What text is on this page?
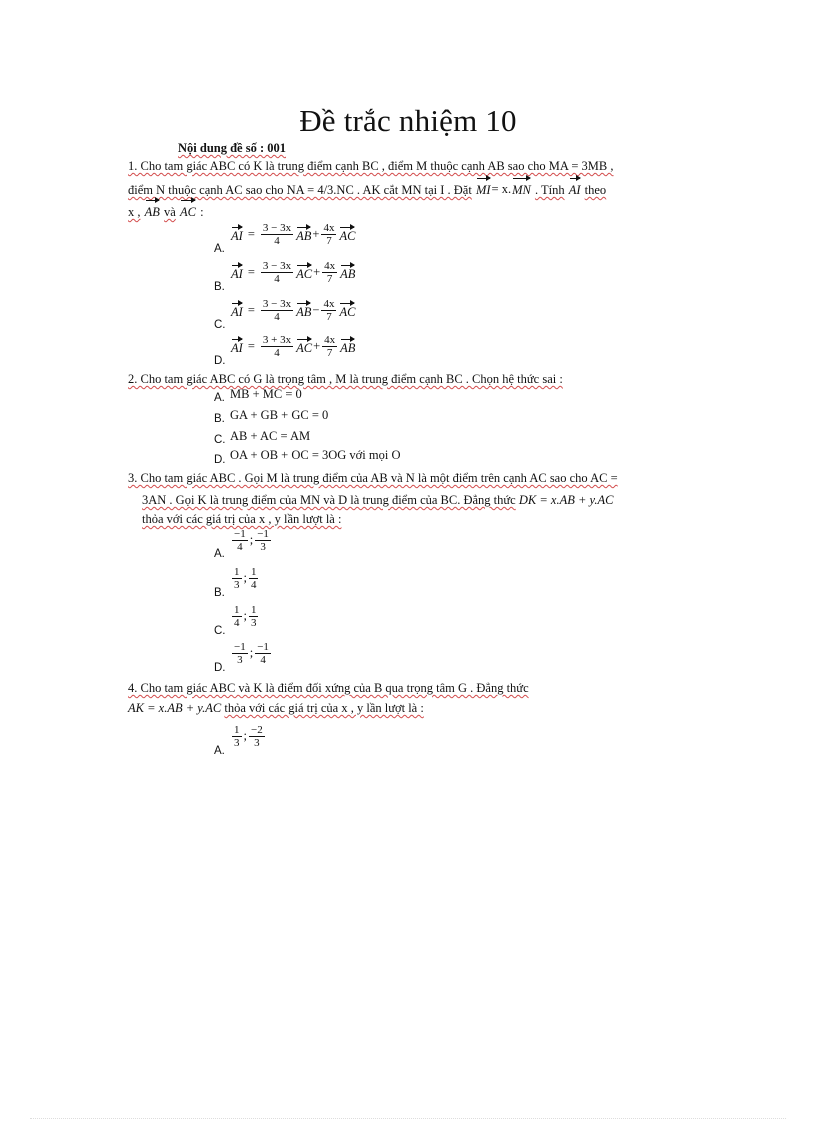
Đề trắc nhiệm 10
Nội dung đề số : 001
1. Cho tam giác ABC có K là trung điểm cạnh BC , điểm M thuộc cạnh AB sao cho MA = 3MB ,
điểm N thuộc cạnh AC sao cho NA = 4/3.NC . AK cắt MN tại I . Đặt MI = x. MN . Tính AI theo
x , AB và AC :
A.
AI = $\frac{3 - 3x}{4}$ AB + $\frac{4x}{7}$ AC
B.
AI = $\frac{3 - 3x}{4}$ AC + $\frac{4x}{7}$ AB
C.
AI = $\frac{3 - 3x}{4}$ AB − $\frac{4x}{7}$ AC
D.
AI = $\frac{3 + 3x}{4}$ AC + $\frac{4x}{7}$ AB
2. Cho tam giác ABC có G là trọng tâm , M là trung điểm cạnh BC . Chọn hệ thức sai :
A. MB + MC = 0
B. GA + GB + GC = 0
C. AB + AC = AM
D. OA + OB + OC = 3OG với mọi O
3. Cho tam giác ABC . Gọi M là trung điểm của AB và N là một điểm trên cạnh AC sao cho AC =
3AN . Gọi K là trung điểm của MN và D là trung điểm của BC. Đẳng thức DK = x.AB + y.AC
thỏa với các giá trị của x , y lần lượt là :
A.
$\frac{-1}{4}$ ; $\frac{-1}{3}$
B.
$\frac{1}{3}$ ; $\frac{1}{4}$
C.
$\frac{1}{4}$ ; $\frac{1}{3}$
D.
$\frac{-1}{3}$ ; $\frac{-1}{4}$
4. Cho tam giác ABC và K là điểm đối xứng của B qua trọng tâm G . Đẳng thức
AK = x.AB + y.AC thỏa với các giá trị của x , y lần lượt là :
A.
$\frac{1}{3}$ ; $\frac{-2}{3}$
